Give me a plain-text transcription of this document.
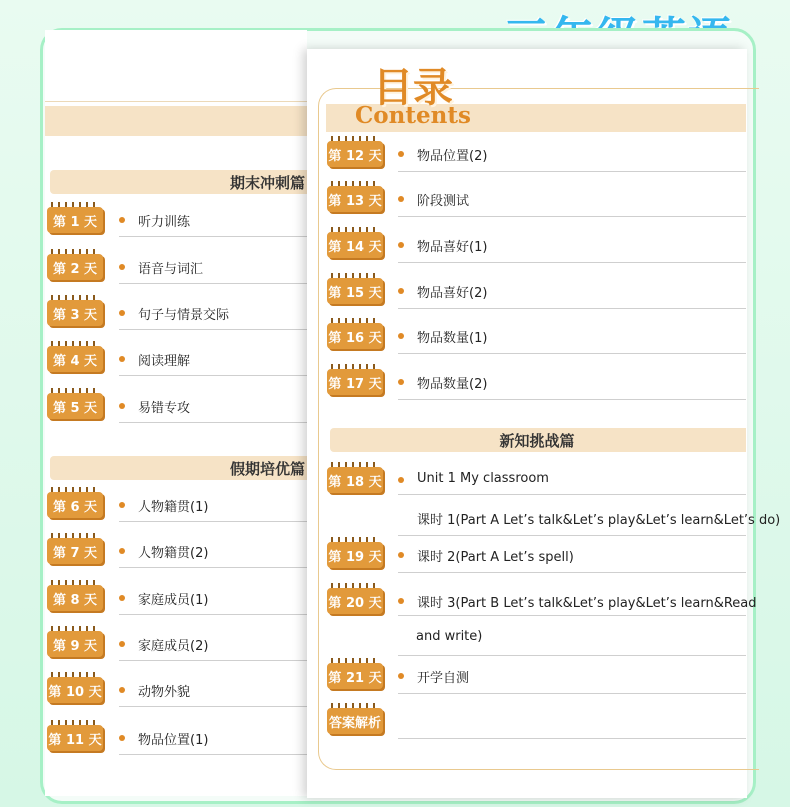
期末冲刺篇
第 1 天	听力训练
第 2 天	语音与词汇
第 3 天	句子与情景交际
第 4 天	阅读理解
第 5 天	易错专攻
第 6 天	人物籍贯(1)
第 7 天	人物籍贯(2)
第 8 天	家庭成员(1)
第 9 天	家庭成员(2)
第 10 天	动物外貌
第 11 天	物品位置(1)
假期培优篇
目录
Contents
新知挑战篇
第 12 天	物品位置(2)
第 13 天	阶段测试
第 14 天	物品喜好(1)
第 15 天	物品喜好(2)
第 16 天	物品数量(1)
第 17 天	物品数量(2)
第 18 天	Unit 1 My classroom
课时 1(Part A Let’s talk&Let’s play&Let’s learn&Let’s do)
第 19 天	课时 2(Part A Let’s spell)
第 20 天	课时 3(Part B Let’s talk&Let’s play&Let’s learn&Read
and write)
第 21 天	开学自测
答案解析
